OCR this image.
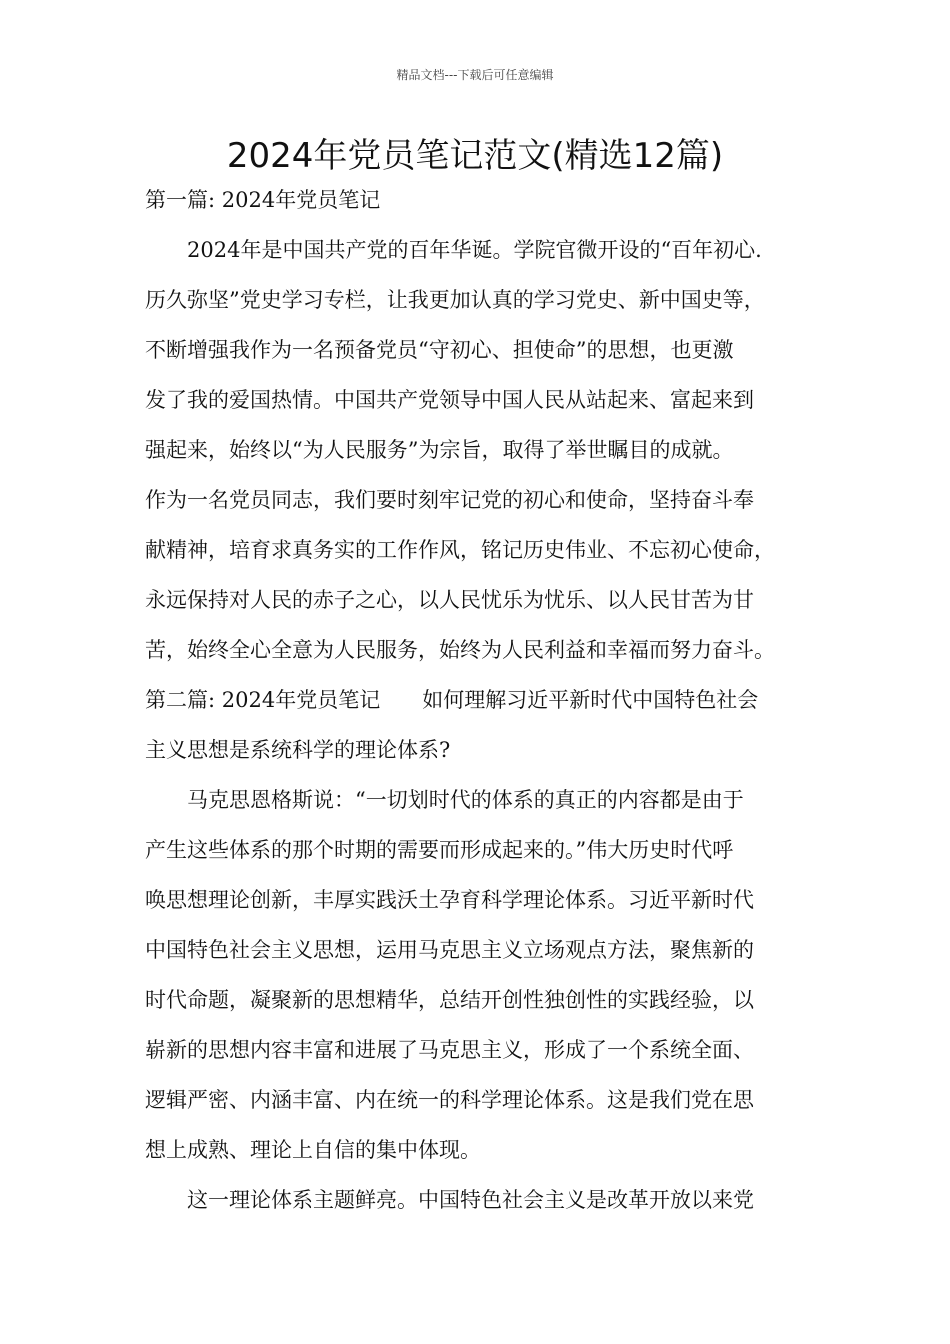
精品文档---下载后可任意编辑
2024年党员笔记范文(精选12篇)
第一篇: 2024年党员笔记
　　2024年是中国共产党的百年华诞。学院官微开设的“百年初心.
历久弥坚”党史学习专栏，让我更加认真的学习党史、新中国史等，
不断增强我作为一名预备党员“守初心、担使命”的思想，也更激
发了我的爱国热情。中国共产党领导中国人民从站起来、富起来到
强起来，始终以“为人民服务”为宗旨，取得了举世瞩目的成就。
作为一名党员同志，我们要时刻牢记党的初心和使命，坚持奋斗奉
献精神，培育求真务实的工作作风，铭记历史伟业、不忘初心使命，
永远保持对人民的赤子之心，以人民忧乐为忧乐、以人民甘苦为甘
苦，始终全心全意为人民服务，始终为人民利益和幸福而努力奋斗。
第二篇: 2024年党员笔记　　如何理解习近平新时代中国特色社会
主义思想是系统科学的理论体系?
　　马克思恩格斯说：“一切划时代的体系的真正的内容都是由于
产生这些体系的那个时期的需要而形成起来的。”伟大历史时代呼
唤思想理论创新，丰厚实践沃土孕育科学理论体系。习近平新时代
中国特色社会主义思想，运用马克思主义立场观点方法，聚焦新的
时代命题，凝聚新的思想精华，总结开创性独创性的实践经验，以
崭新的思想内容丰富和进展了马克思主义，形成了一个系统全面、
逻辑严密、内涵丰富、内在统一的科学理论体系。这是我们党在思
想上成熟、理论上自信的集中体现。
　　这一理论体系主题鲜亮。中国特色社会主义是改革开放以来党
